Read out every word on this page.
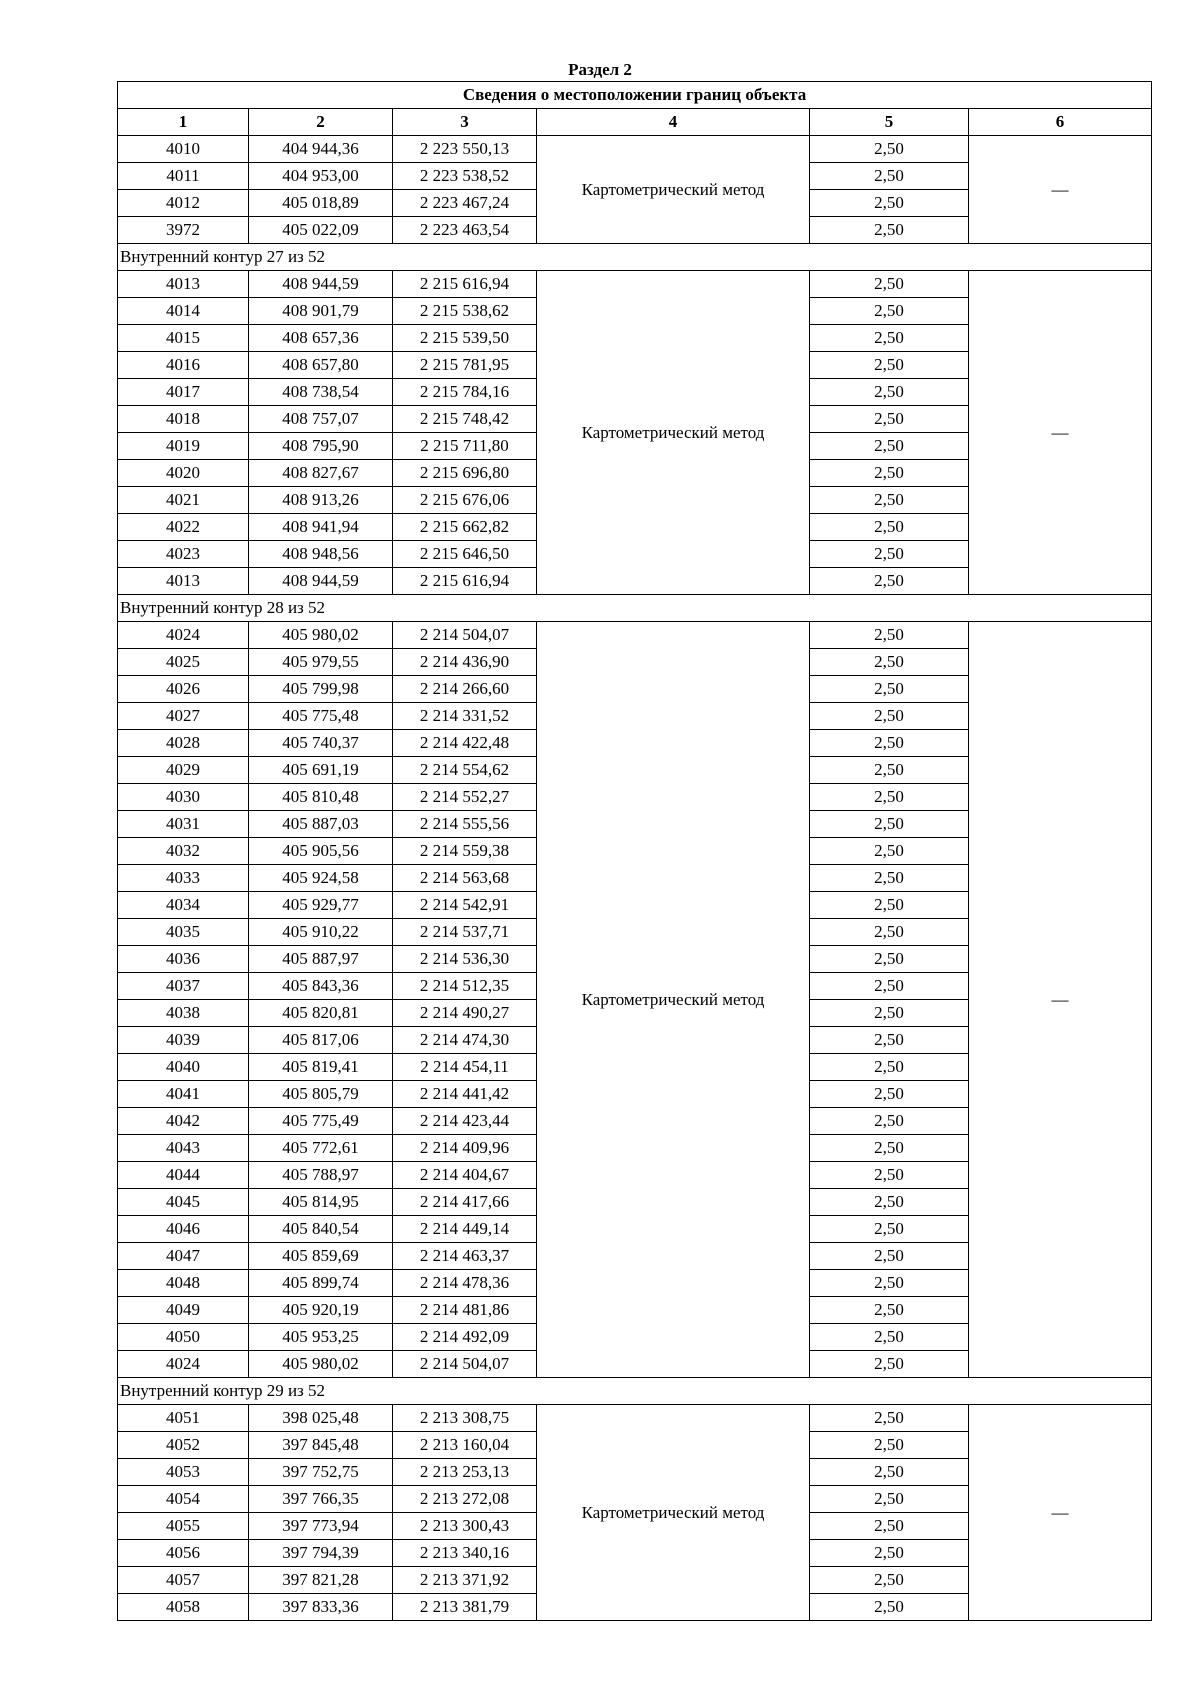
Раздел 2
Сведения о местоположении границ объекта					
1	2	3	4	5	6
4010	404 944,36	2 223 550,13	Картометрический метод	2,50	—
4011	404 953,00	2 223 538,52		2,50	
4012	405 018,89	2 223 467,24		2,50	
3972	405 022,09	2 223 463,54		2,50	
Внутренний контур 27 из 52					
4013	408 944,59	2 215 616,94	Картометрический метод	2,50	—
4014	408 901,79	2 215 538,62		2,50	
4015	408 657,36	2 215 539,50		2,50	
4016	408 657,80	2 215 781,95		2,50	
4017	408 738,54	2 215 784,16		2,50	
4018	408 757,07	2 215 748,42		2,50	
4019	408 795,90	2 215 711,80		2,50	
4020	408 827,67	2 215 696,80		2,50	
4021	408 913,26	2 215 676,06		2,50	
4022	408 941,94	2 215 662,82		2,50	
4023	408 948,56	2 215 646,50		2,50	
4013	408 944,59	2 215 616,94		2,50	
Внутренний контур 28 из 52					
4024	405 980,02	2 214 504,07	Картометрический метод	2,50	—
4025	405 979,55	2 214 436,90		2,50	
4026	405 799,98	2 214 266,60		2,50	
4027	405 775,48	2 214 331,52		2,50	
4028	405 740,37	2 214 422,48		2,50	
4029	405 691,19	2 214 554,62		2,50	
4030	405 810,48	2 214 552,27		2,50	
4031	405 887,03	2 214 555,56		2,50	
4032	405 905,56	2 214 559,38		2,50	
4033	405 924,58	2 214 563,68		2,50	
4034	405 929,77	2 214 542,91		2,50	
4035	405 910,22	2 214 537,71		2,50	
4036	405 887,97	2 214 536,30		2,50	
4037	405 843,36	2 214 512,35		2,50	
4038	405 820,81	2 214 490,27		2,50	
4039	405 817,06	2 214 474,30		2,50	
4040	405 819,41	2 214 454,11		2,50	
4041	405 805,79	2 214 441,42		2,50	
4042	405 775,49	2 214 423,44		2,50	
4043	405 772,61	2 214 409,96		2,50	
4044	405 788,97	2 214 404,67		2,50	
4045	405 814,95	2 214 417,66		2,50	
4046	405 840,54	2 214 449,14		2,50	
4047	405 859,69	2 214 463,37		2,50	
4048	405 899,74	2 214 478,36		2,50	
4049	405 920,19	2 214 481,86		2,50	
4050	405 953,25	2 214 492,09		2,50	
4024	405 980,02	2 214 504,07		2,50	
Внутренний контур 29 из 52					
4051	398 025,48	2 213 308,75	Картометрический метод	2,50	—
4052	397 845,48	2 213 160,04		2,50	
4053	397 752,75	2 213 253,13		2,50	
4054	397 766,35	2 213 272,08		2,50	
4055	397 773,94	2 213 300,43		2,50	
4056	397 794,39	2 213 340,16		2,50	
4057	397 821,28	2 213 371,92		2,50	
4058	397 833,36	2 213 381,79		2,50	
